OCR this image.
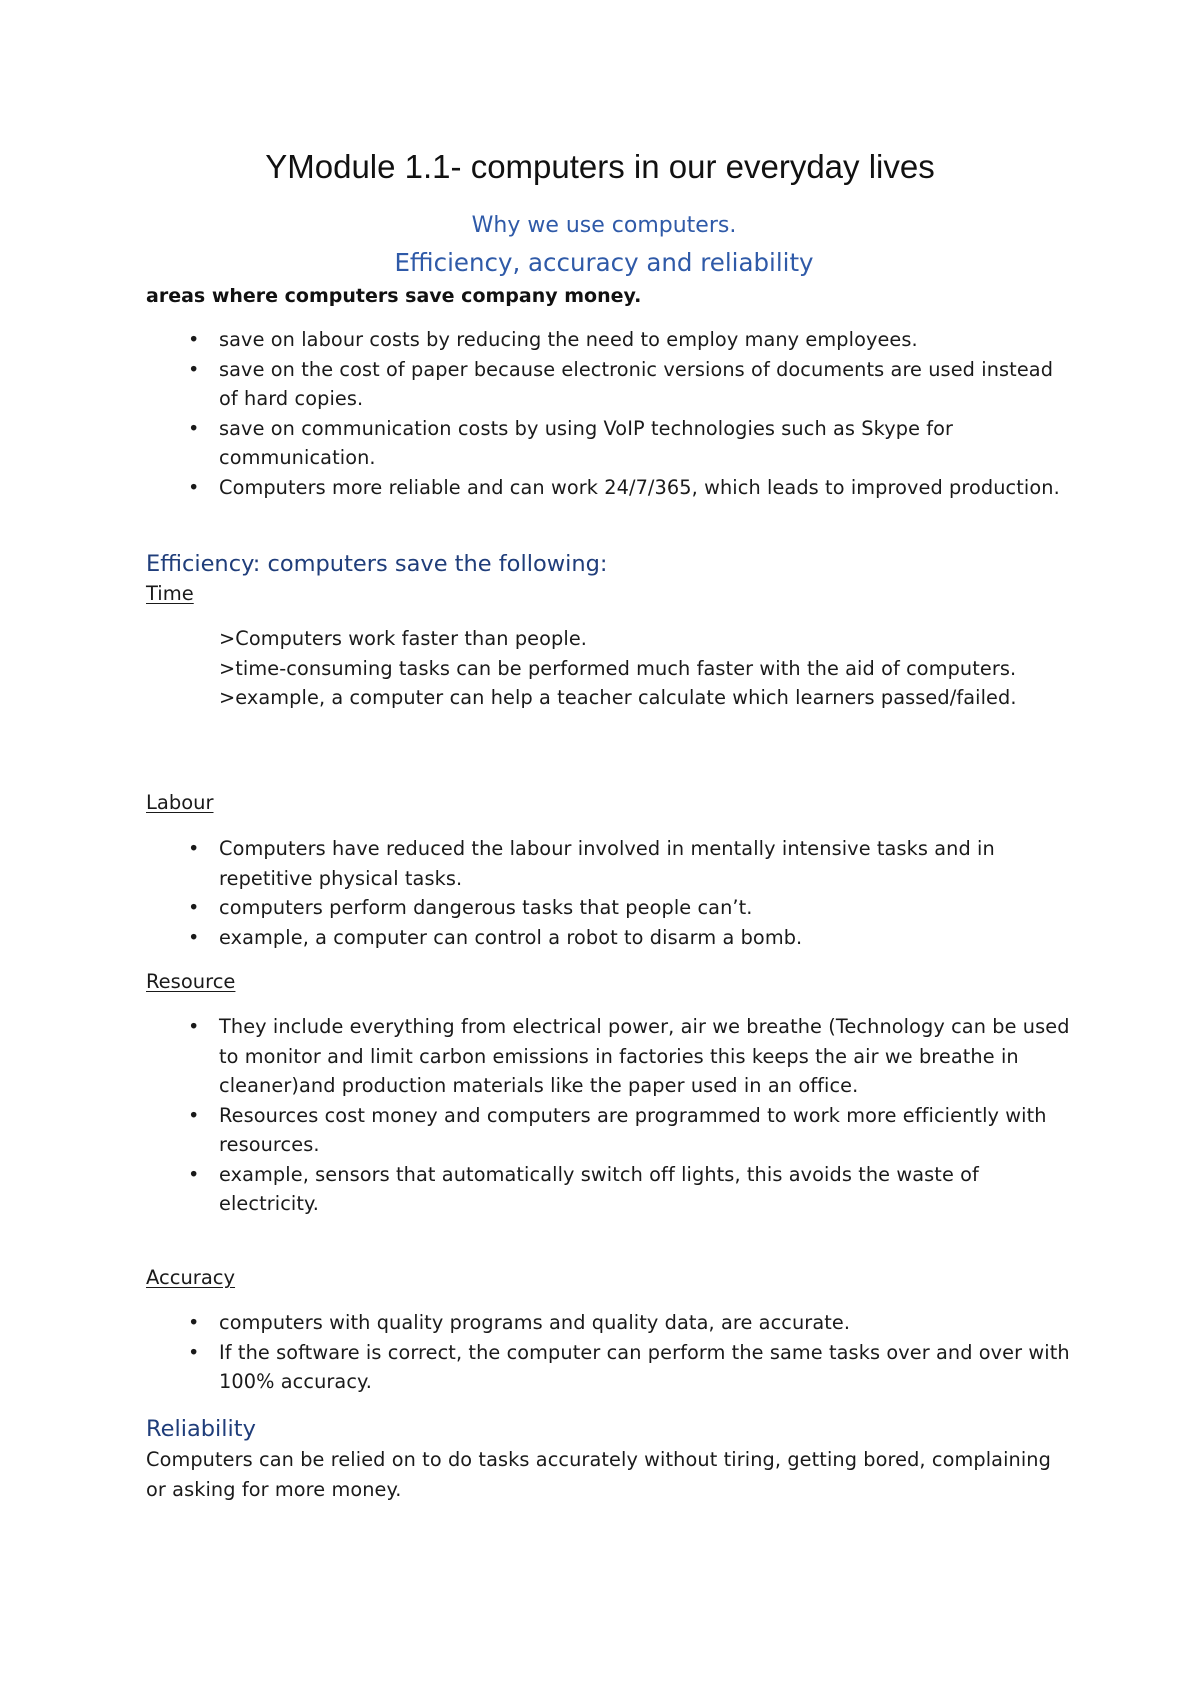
YModule 1.1- computers in our everyday lives
Why we use computers.
Efficiency, accuracy and reliability
areas where computers save company money.
• save on labour costs by reducing the need to employ many employees.
• save on the cost of paper because electronic versions of documents are used instead of hard copies.
• save on communication costs by using VoIP technologies such as Skype for communication.
• Computers more reliable and can work 24/7/365, which leads to improved production.
Efficiency: computers save the following:
Time
>Computers work faster than people.
>time-consuming tasks can be performed much faster with the aid of computers.
>example, a computer can help a teacher calculate which learners passed/failed.
Labour
• Computers have reduced the labour involved in mentally intensive tasks and in repetitive physical tasks.
• computers perform dangerous tasks that people can’t.
• example, a computer can control a robot to disarm a bomb.
Resource
• They include everything from electrical power, air we breathe (Technology can be used to monitor and limit carbon emissions in factories this keeps the air we breathe in cleaner)and production materials like the paper used in an office.
• Resources cost money and computers are programmed to work more efficiently with resources.
• example, sensors that automatically switch off lights, this avoids the waste of electricity.
Accuracy
• computers with quality programs and quality data, are accurate.
• If the software is correct, the computer can perform the same tasks over and over with 100% accuracy.
Reliability
Computers can be relied on to do tasks accurately without tiring, getting bored, complaining or asking for more money.
